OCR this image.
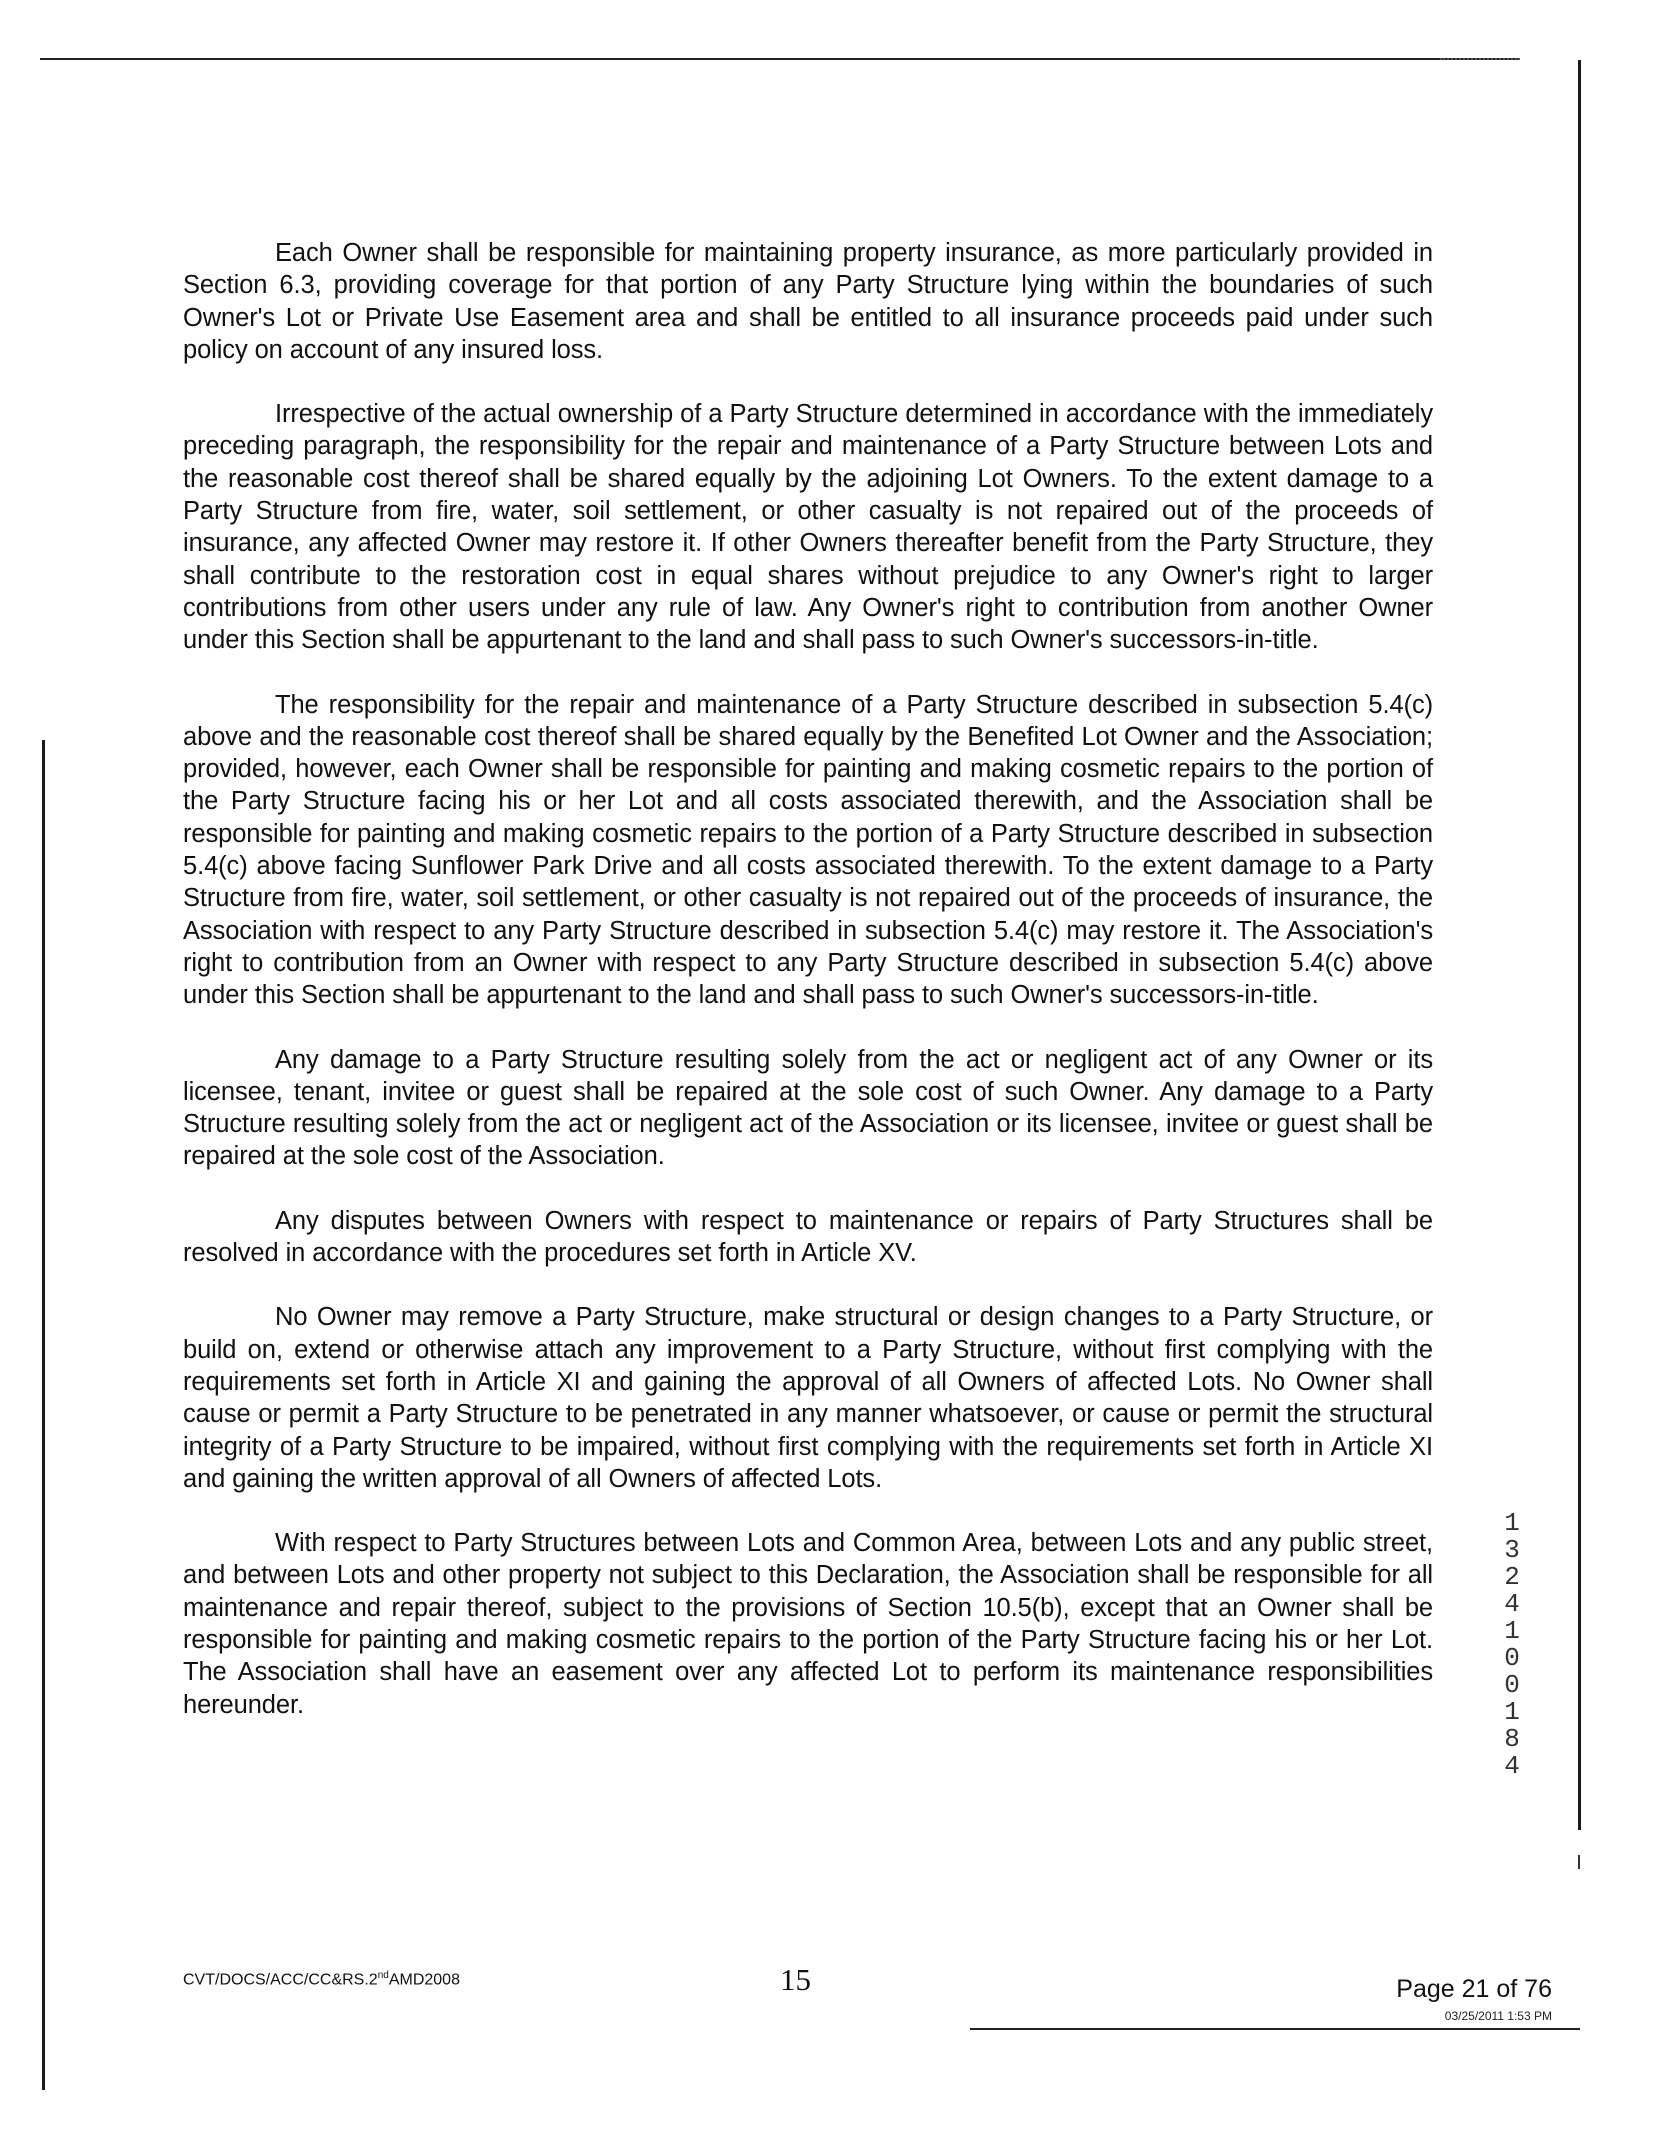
Each Owner shall be responsible for maintaining property insurance, as more particularly provided in Section 6.3, providing coverage for that portion of any Party Structure lying within the boundaries of such Owner's Lot or Private Use Easement area and shall be entitled to all insurance proceeds paid under such policy on account of any insured loss.

Irrespective of the actual ownership of a Party Structure determined in accordance with the immediately preceding paragraph, the responsibility for the repair and maintenance of a Party Structure between Lots and the reasonable cost thereof shall be shared equally by the adjoining Lot Owners. To the extent damage to a Party Structure from fire, water, soil settlement, or other casualty is not repaired out of the proceeds of insurance, any affected Owner may restore it. If other Owners thereafter benefit from the Party Structure, they shall contribute to the restoration cost in equal shares without prejudice to any Owner's right to larger contributions from other users under any rule of law. Any Owner's right to contribution from another Owner under this Section shall be appurtenant to the land and shall pass to such Owner's successors-in-title.

The responsibility for the repair and maintenance of a Party Structure described in subsection 5.4(c) above and the reasonable cost thereof shall be shared equally by the Benefited Lot Owner and the Association; provided, however, each Owner shall be responsible for painting and making cosmetic repairs to the portion of the Party Structure facing his or her Lot and all costs associated therewith, and the Association shall be responsible for painting and making cosmetic repairs to the portion of a Party Structure described in subsection 5.4(c) above facing Sunflower Park Drive and all costs associated therewith. To the extent damage to a Party Structure from fire, water, soil settlement, or other casualty is not repaired out of the proceeds of insurance, the Association with respect to any Party Structure described in subsection 5.4(c) may restore it. The Association's right to contribution from an Owner with respect to any Party Structure described in subsection 5.4(c) above under this Section shall be appurtenant to the land and shall pass to such Owner's successors-in-title.

Any damage to a Party Structure resulting solely from the act or negligent act of any Owner or its licensee, tenant, invitee or guest shall be repaired at the sole cost of such Owner. Any damage to a Party Structure resulting solely from the act or negligent act of the Association or its licensee, invitee or guest shall be repaired at the sole cost of the Association.

Any disputes between Owners with respect to maintenance or repairs of Party Structures shall be resolved in accordance with the procedures set forth in Article XV.

No Owner may remove a Party Structure, make structural or design changes to a Party Structure, or build on, extend or otherwise attach any improvement to a Party Structure, without first complying with the requirements set forth in Article XI and gaining the approval of all Owners of affected Lots. No Owner shall cause or permit a Party Structure to be penetrated in any manner whatsoever, or cause or permit the structural integrity of a Party Structure to be impaired, without first complying with the requirements set forth in Article XI and gaining the written approval of all Owners of affected Lots.

With respect to Party Structures between Lots and Common Area, between Lots and any public street, and between Lots and other property not subject to this Declaration, the Association shall be responsible for all maintenance and repair thereof, subject to the provisions of Section 10.5(b), except that an Owner shall be responsible for painting and making cosmetic repairs to the portion of the Party Structure facing his or her Lot. The Association shall have an easement over any affected Lot to perform its maintenance responsibilities hereunder.

13241 00184
CVT/DOCS/ACC/CC&RS.2ndAMD2008	15	Page 21 of 76
03/25/2011 1:53 PM
